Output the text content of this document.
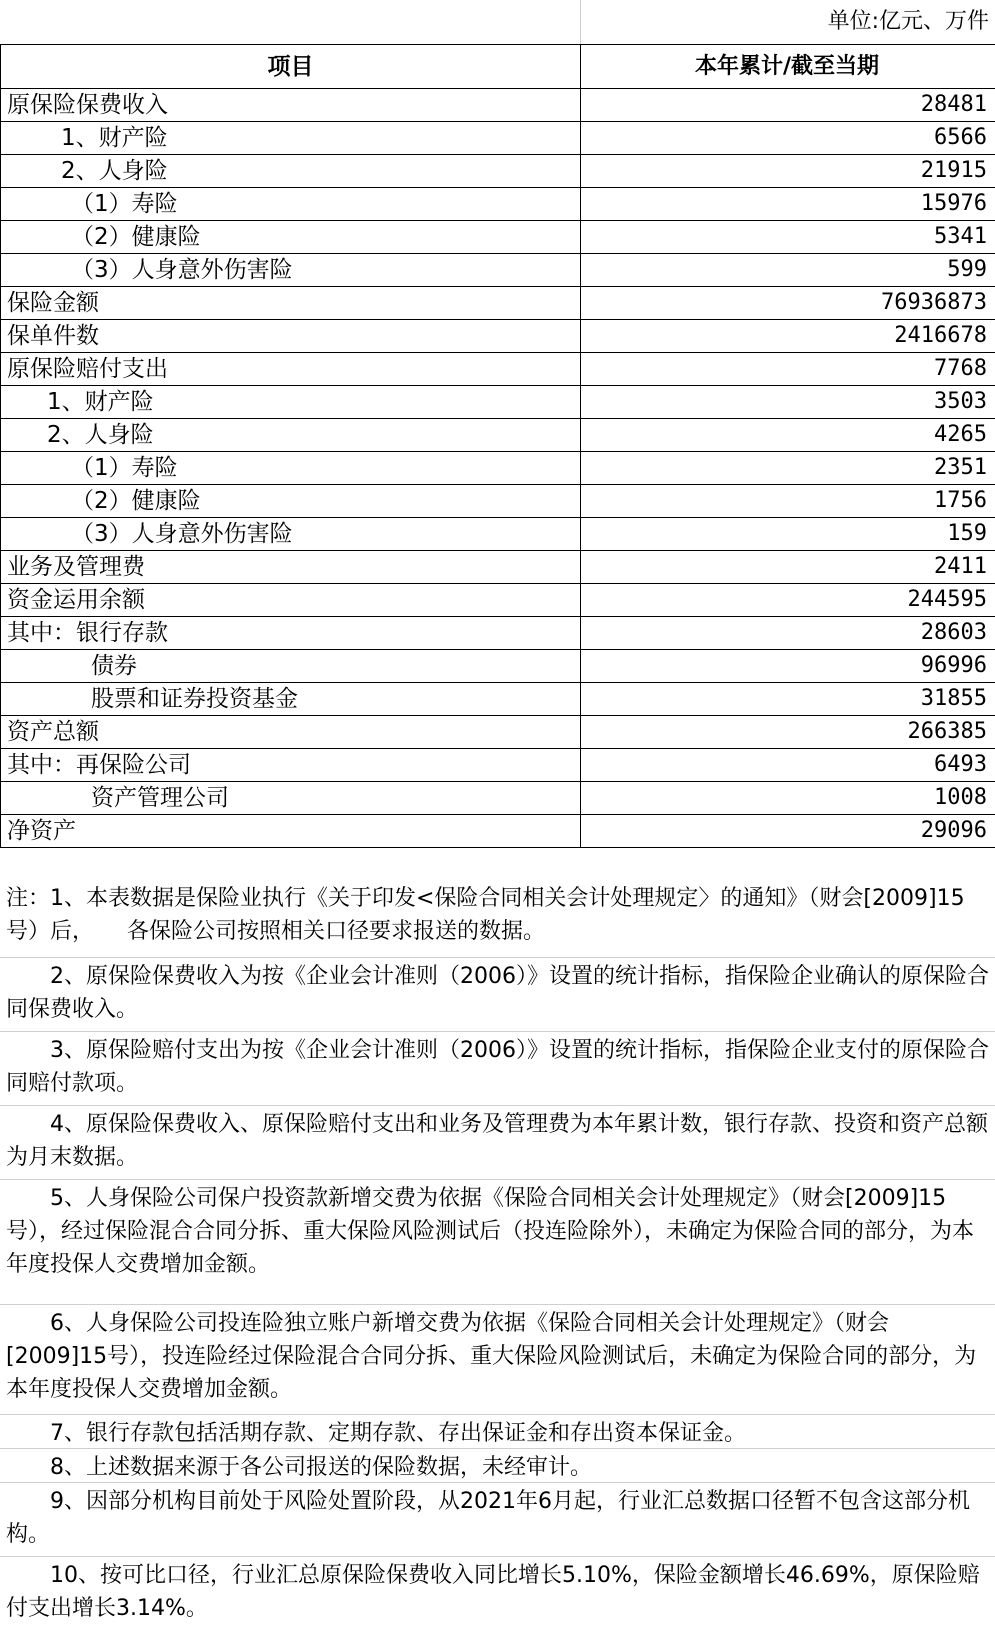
单位:亿元、万件
项目	本年累计/截至当期
原保险保费收入	28481
1、财产险	6566
2、人身险	21915
（1）寿险	15976
（2）健康险	5341
（3）人身意外伤害险	599
保险金额	76936873
保单件数	2416678
原保险赔付支出	7768
1、财产险	3503
2、人身险	4265
（1）寿险	2351
（2）健康险	1756
（3）人身意外伤害险	159
业务及管理费	2411
资金运用余额	244595
其中：银行存款	28603
债券	96996
股票和证券投资基金	31855
资产总额	266385
其中：再保险公司	6493
资产管理公司	1008
净资产	29096

注：1、本表数据是保险业执行《关于印发<保险合同相关会计处理规定〉的通知》（财会[2009]15号）后，　　各保险公司按照相关口径要求报送的数据。

2、原保险保费收入为按《企业会计准则（2006）》设置的统计指标，指保险企业确认的原保险合同保费收入。

3、原保险赔付支出为按《企业会计准则（2006）》设置的统计指标，指保险企业支付的原保险合同赔付款项。

4、原保险保费收入、原保险赔付支出和业务及管理费为本年累计数，银行存款、投资和资产总额为月末数据。

5、人身保险公司保户投资款新增交费为依据《保险合同相关会计处理规定》（财会[2009]15号），经过保险混合合同分拆、重大保险风险测试后（投连险除外），未确定为保险合同的部分，为本年度投保人交费增加金额。

6、人身保险公司投连险独立账户新增交费为依据《保险合同相关会计处理规定》（财会[2009]15号），投连险经过保险混合合同分拆、重大保险风险测试后，未确定为保险合同的部分，为本年度投保人交费增加金额。

7、银行存款包括活期存款、定期存款、存出保证金和存出资本保证金。

8、上述数据来源于各公司报送的保险数据，未经审计。

9、因部分机构目前处于风险处置阶段，从2021年6月起，行业汇总数据口径暂不包含这部分机构。

10、按可比口径，行业汇总原保险保费收入同比增长5.10%，保险金额增长46.69%，原保险赔付支出增长3.14%。
